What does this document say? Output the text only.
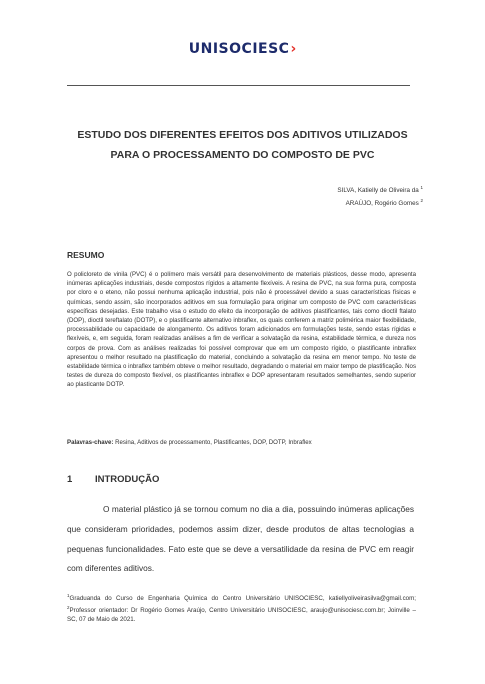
UNISOCIESC›
ESTUDO DOS DIFERENTES EFEITOS DOS ADITIVOS UTILIZADOS
PARA O PROCESSAMENTO DO COMPOSTO DE PVC
SILVA, Katielly de Oliveira da $^1$
ARAÚJO, Rogério Gomes $^2$
RESUMO
O policloreto de vinila (PVC) é o polímero mais versátil para desenvolvimento de materiais plásticos, desse modo, apresenta inúmeras aplicações industriais, desde compostos rígidos a altamente flexíveis. A resina de PVC, na sua forma pura, composta por cloro e o eteno, não possui nenhuma aplicação industrial, pois não é processável devido a suas características físicas e químicas, sendo assim, são incorporados aditivos em sua formulação para originar um composto de PVC com características específicas desejadas. Este trabalho visa o estudo do efeito da incorporação de aditivos plastificantes, tais como dioctil ftalato (DOP), dioctil tereftalato (DOTP), e o plastificante alternativo inbraflex, os quais conferem a matriz polimérica maior flexibilidade, processabilidade ou capacidade de alongamento. Os aditivos foram adicionados em formulações teste, sendo estas rígidas e flexíveis, e, em seguida, foram realizadas análises a fim de verificar a solvatação da resina, estabilidade térmica, e dureza nos corpos de prova. Com as análises realizadas foi possível comprovar que em um composto rígido, o plastificante inbraflex apresentou o melhor resultado na plastificação do material, concluindo a solvatação da resina em menor tempo. No teste de estabilidade térmica o inbraflex também obteve o melhor resultado, degradando o material em maior tempo de plastificação. Nos testes de dureza do composto flexível, os plastificantes inbraflex e DOP apresentaram resultados semelhantes, sendo superior ao plasticante DOTP.
Palavras-chave: Resina, Aditivos de processamento, Plastificantes, DOP, DOTP, Inbraflex
1 INTRODUÇÃO
O material plástico já se tornou comum no dia a dia, possuindo inúmeras aplicações que consideram prioridades, podemos assim dizer, desde produtos de altas tecnologias a pequenas funcionalidades. Fato este que se deve a versatilidade da resina de PVC em reagir com diferentes aditivos.
$^1$Graduanda do Curso de Engenharia Química do Centro Universitário UNISOCIESC, katiellyoliveirasilva@gmail.com; $^2$Professor orientador: Dr Rogério Gomes Araújo, Centro Universitário UNISOCIESC, araujo@unisociesc.com.br; Joinville – SC, 07 de Maio de 2021.
